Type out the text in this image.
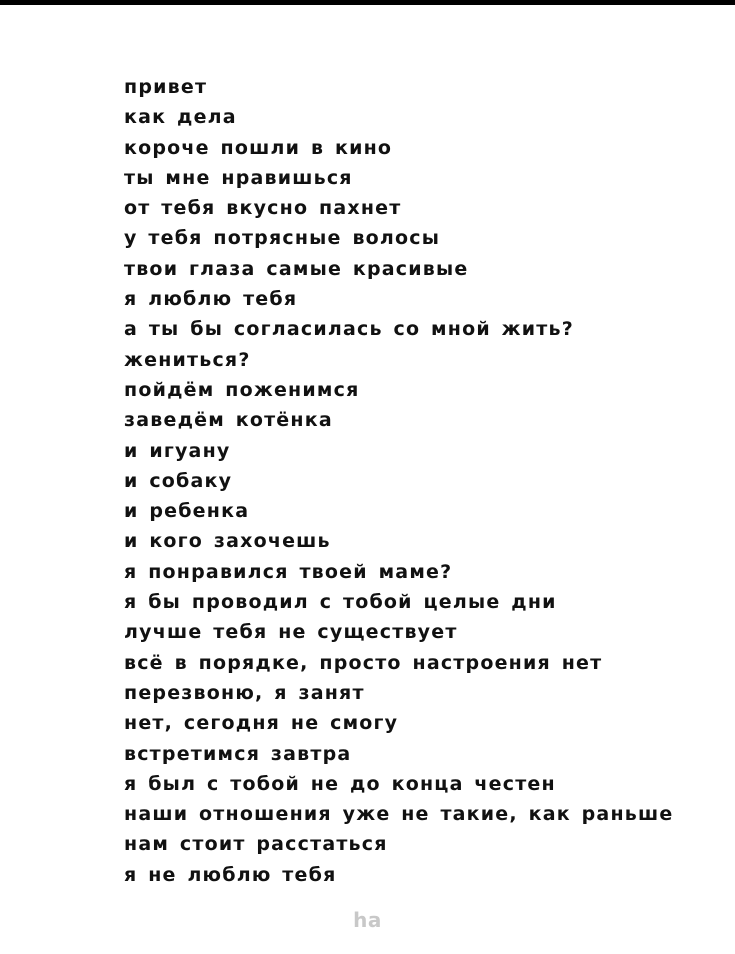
привет
как дела
короче пошли в кино
ты мне нравишься
от тебя вкусно пахнет
у тебя потрясные волосы
твои глаза самые красивые
я люблю тебя
а ты бы согласилась со мной жить?
жениться?
пойдём поженимся
заведём котёнка
и игуану
и собаку
и ребенка
и кого захочешь
я понравился твоей маме?
я бы проводил с тобой целые дни
лучше тебя не существует
всё в порядке, просто настроения нет
перезвоню, я занят
нет, сегодня не смогу
встретимся завтра
я был с тобой не до конца честен
наши отношения уже не такие, как раньше
нам стоит расстаться
я не люблю тебя
ha
